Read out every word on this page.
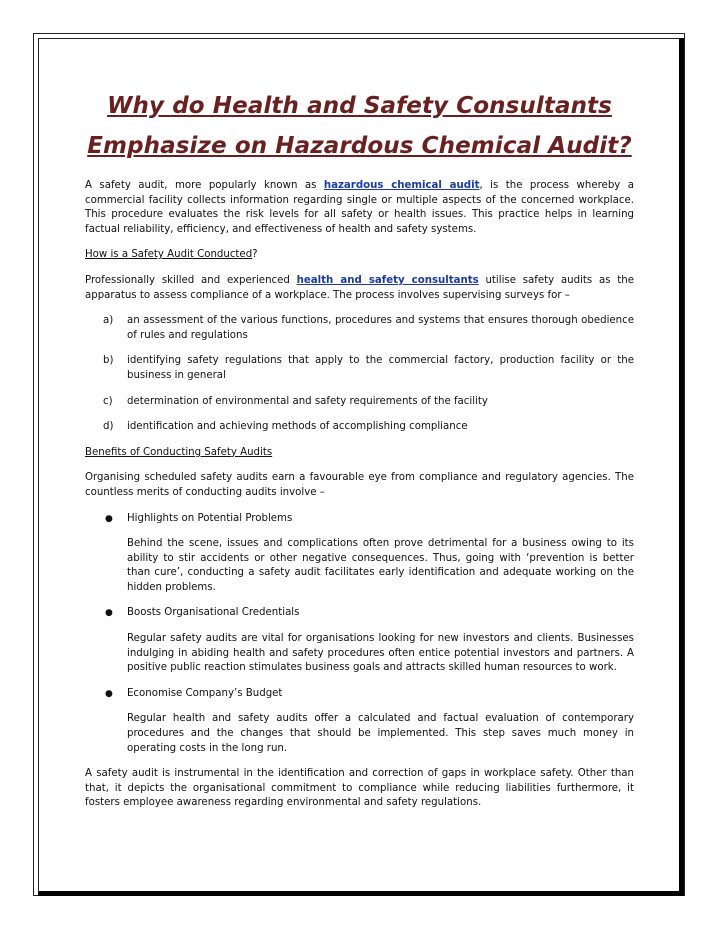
Why do Health and Safety Consultants Emphasize on Hazardous Chemical Audit?

A safety audit, more popularly known as hazardous chemical audit, is the process whereby a commercial facility collects information regarding single or multiple aspects of the concerned workplace. This procedure evaluates the risk levels for all safety or health issues. This practice helps in learning factual reliability, efficiency, and effectiveness of health and safety systems.

How is a Safety Audit Conducted?

Professionally skilled and experienced health and safety consultants utilise safety audits as the apparatus to assess compliance of a workplace. The process involves supervising surveys for –

a) an assessment of the various functions, procedures and systems that ensures thorough obedience of rules and regulations
b) identifying safety regulations that apply to the commercial factory, production facility or the business in general
c) determination of environmental and safety requirements of the facility
d) identification and achieving methods of accomplishing compliance

Benefits of Conducting Safety Audits

Organising scheduled safety audits earn a favourable eye from compliance and regulatory agencies. The countless merits of conducting audits involve –

● Highlights on Potential Problems
Behind the scene, issues and complications often prove detrimental for a business owing to its ability to stir accidents or other negative consequences. Thus, going with ‘prevention is better than cure’, conducting a safety audit facilitates early identification and adequate working on the hidden problems.
● Boosts Organisational Credentials
Regular safety audits are vital for organisations looking for new investors and clients. Businesses indulging in abiding health and safety procedures often entice potential investors and partners. A positive public reaction stimulates business goals and attracts skilled human resources to work.
● Economise Company’s Budget
Regular health and safety audits offer a calculated and factual evaluation of contemporary procedures and the changes that should be implemented. This step saves much money in operating costs in the long run.

A safety audit is instrumental in the identification and correction of gaps in workplace safety. Other than that, it depicts the organisational commitment to compliance while reducing liabilities furthermore, it fosters employee awareness regarding environmental and safety regulations.
